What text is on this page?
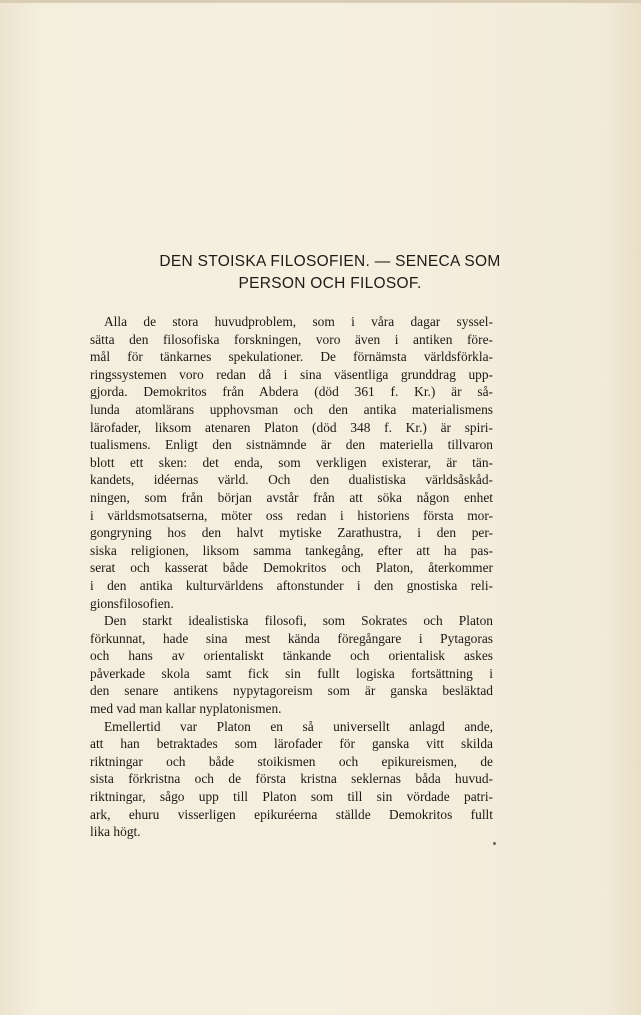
DEN STOISKA FILOSOFIEN. — SENECA SOM
PERSON OCH FILOSOF.

Alla de stora huvudproblem, som i våra dagar syssel-
sätta den filosofiska forskningen, voro även i antiken före-
mål för tänkarnes spekulationer. De förnämsta världsförkla-
ringssystemen voro redan då i sina väsentliga grunddrag upp-
gjorda. Demokritos från Abdera (död 361 f. Kr.) är så-
lunda atomlärans upphovsman och den antika materialismens
lärofader, liksom atenaren Platon (död 348 f. Kr.) är spiri-
tualismens. Enligt den sistnämnde är den materiella tillvaron
blott ett sken: det enda, som verkligen existerar, är tän-
kandets, idéernas värld. Och den dualistiska världsåskåd-
ningen, som från början avstår från att söka någon enhet
i världsmotsatserna, möter oss redan i historiens första mor-
gongryning hos den halvt mytiske Zarathustra, i den per-
siska religionen, liksom samma tankegång, efter att ha pas-
serat och kasserat både Demokritos och Platon, återkommer
i den antika kulturvärldens aftonstunder i den gnostiska reli-
gionsfilosofien.

Den starkt idealistiska filosofi, som Sokrates och Platon
förkunnat, hade sina mest kända föregångare i Pytagoras
och hans av orientaliskt tänkande och orientalisk askes
påverkade skola samt fick sin fullt logiska fortsättning i
den senare antikens nypytagoreism som är ganska besläktad
med vad man kallar nyplatonismen.

Emellertid var Platon en så universellt anlagd ande,
att han betraktades som lärofader för ganska vitt skilda
riktningar och både stoikismen och epikureismen, de
sista förkristna och de första kristna seklernas båda huvud-
riktningar, sågo upp till Platon som till sin vördade patri-
ark, ehuru visserligen epikuréerna ställde Demokritos fullt
lika högt.
